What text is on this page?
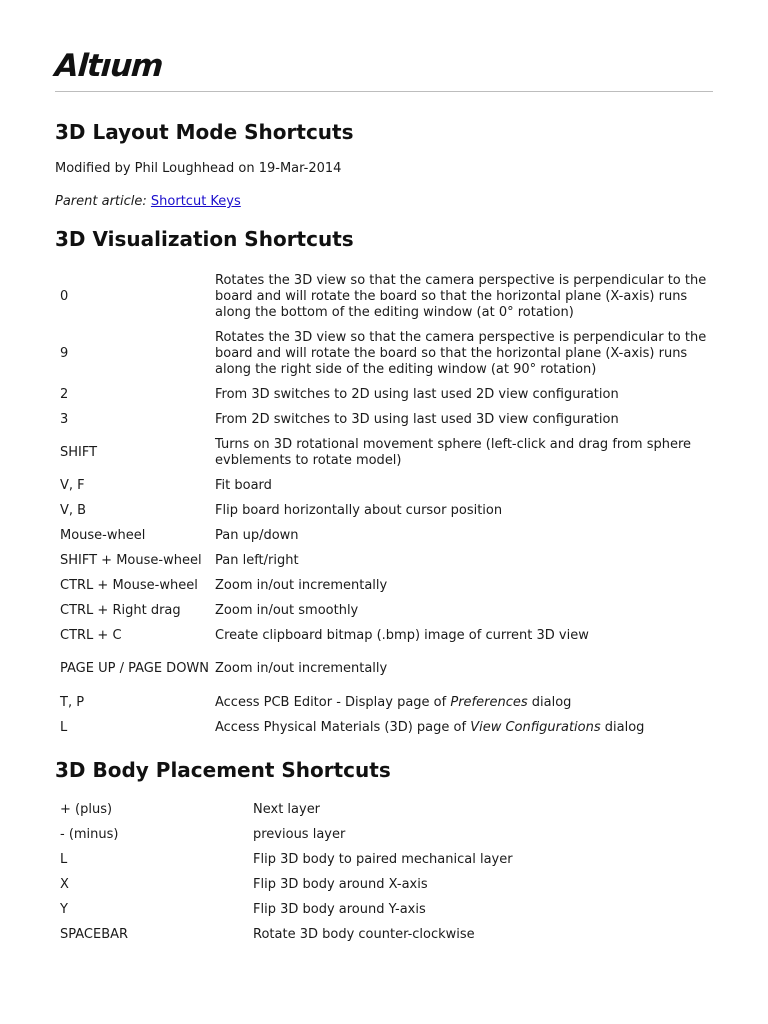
Altıum
3D Layout Mode Shortcuts
Modified by Phil Loughhead on 19-Mar-2014
Parent article: Shortcut Keys
3D Visualization Shortcuts
0	Rotates the 3D view so that the camera perspective is perpendicular to the board and will rotate the board so that the horizontal plane (X-axis) runs along the bottom of the editing window (at 0° rotation)
9	Rotates the 3D view so that the camera perspective is perpendicular to the board and will rotate the board so that the horizontal plane (X-axis) runs along the right side of the editing window (at 90° rotation)
2	From 3D switches to 2D using last used 2D view configuration
3	From 2D switches to 3D using last used 3D view configuration
SHIFT	Turns on 3D rotational movement sphere (left-click and drag from sphere evblements to rotate model)
V, F	Fit board
V, B	Flip board horizontally about cursor position
Mouse-wheel	Pan up/down
SHIFT + Mouse-wheel	Pan left/right
CTRL + Mouse-wheel	Zoom in/out incrementally
CTRL + Right drag	Zoom in/out smoothly
CTRL + C	Create clipboard bitmap (.bmp) image of current 3D view
PAGE UP / PAGE DOWN	Zoom in/out incrementally
T, P	Access PCB Editor - Display page of Preferences dialog
L	Access Physical Materials (3D) page of View Configurations dialog
3D Body Placement Shortcuts
+ (plus)	Next layer
- (minus)	previous layer
L	Flip 3D body to paired mechanical layer
X	Flip 3D body around X-axis
Y	Flip 3D body around Y-axis
SPACEBAR	Rotate 3D body counter-clockwise
